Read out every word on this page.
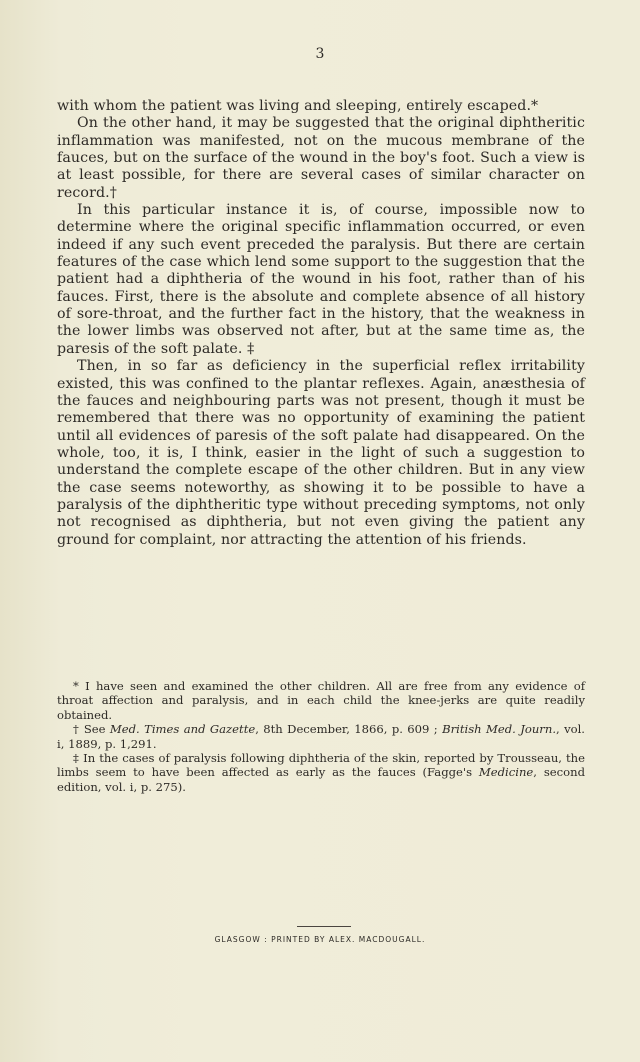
3

with whom the patient was living and sleeping, entirely escaped.*

On the other hand, it may be suggested that the original diphtheritic inflammation was manifested, not on the mucous membrane of the fauces, but on the surface of the wound in the boy's foot. Such a view is at least possible, for there are several cases of similar character on record.†

In this particular instance it is, of course, impossible now to determine where the original specific inflammation occurred, or even indeed if any such event preceded the paralysis. But there are certain features of the case which lend some support to the suggestion that the patient had a diphtheria of the wound in his foot, rather than of his fauces. First, there is the absolute and complete absence of all history of sore-throat, and the further fact in the history, that the weakness in the lower limbs was observed not after, but at the same time as, the paresis of the soft palate. ‡

Then, in so far as deficiency in the superficial reflex irritability existed, this was confined to the plantar reflexes. Again, anæsthesia of the fauces and neighbouring parts was not present, though it must be remembered that there was no opportunity of examining the patient until all evidences of paresis of the soft palate had disappeared. On the whole, too, it is, I think, easier in the light of such a suggestion to understand the complete escape of the other children. But in any view the case seems noteworthy, as showing it to be possible to have a paralysis of the diphtheritic type without preceding symptoms, not only not recognised as diphtheria, but not even giving the patient any ground for complaint, nor attracting the attention of his friends.

* I have seen and examined the other children. All are free from any evidence of throat affection and paralysis, and in each child the knee-jerks are quite readily obtained.

† See Med. Times and Gazette, 8th December, 1866, p. 609 ; British Med. Journ., vol. i, 1889, p. 1,291.

‡ In the cases of paralysis following diphtheria of the skin, reported by Trousseau, the limbs seem to have been affected as early as the fauces (Fagge's Medicine, second edition, vol. i, p. 275).

GLASGOW : PRINTED BY ALEX. MACDOUGALL.
